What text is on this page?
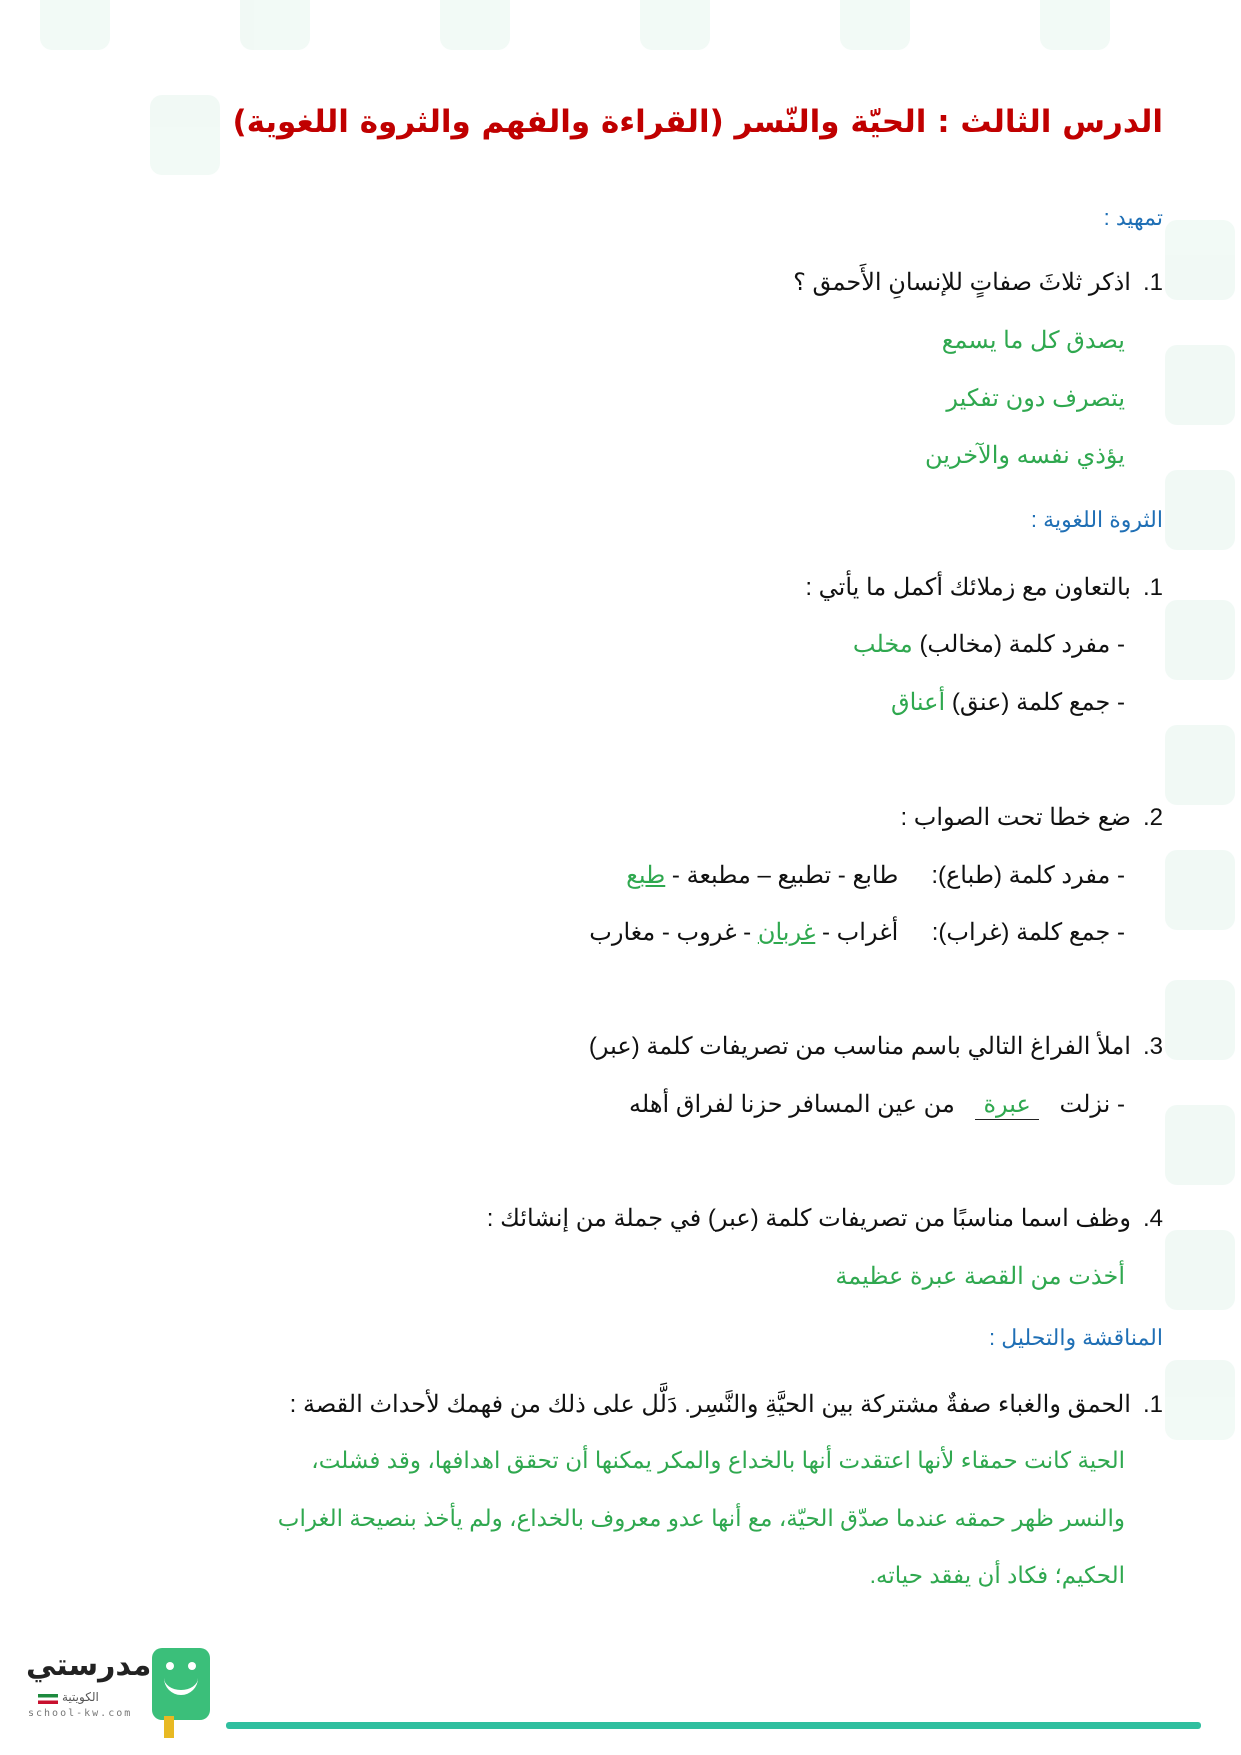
الدرس الثالث : الحيّة والنّسر (القراءة والفهم والثروة اللغوية)
تمهيد :
1.اذكر ثلاثَ صفاتٍ للإنسانِ الأَحمق ؟
يصدق كل ما يسمع
يتصرف دون تفكير
يؤذي نفسه والآخرين
الثروة اللغوية :
1.بالتعاون مع زملائك أكمل ما يأتي :
- مفرد كلمة (مخالب) مخلب
- جمع كلمة (عنق) أعناق
2.ضع خطا تحت الصواب :
- مفرد كلمة (طباع): طابع - تطبيع – مطبعة - طبع
- جمع كلمة (غراب): أغراب - غربان - غروب - مغارب
3.املأ الفراغ التالي باسم مناسب من تصريفات كلمة (عبر)
- نزلت عبرة من عين المسافر حزنا لفراق أهله
4.وظف اسما مناسبًا من تصريفات كلمة (عبر) في جملة من إنشائك :
أخذت من القصة عبرة عظيمة
المناقشة والتحليل :
1.الحمق والغباء صفةٌ مشتركة بين الحيَّةِ والنَّسِر. دَلَّل على ذلك من فهمك لأحداث القصة :
الحية كانت حمقاء لأنها اعتقدت أنها بالخداع والمكر يمكنها أن تحقق اهدافها، وقد فشلت،
والنسر ظهر حمقه عندما صدّق الحيّة، مع أنها عدو معروف بالخداع، ولم يأخذ بنصيحة الغراب
الحكيم؛ فكاد أن يفقد حياته.
مدرستي
الكويتية
school-kw.com
